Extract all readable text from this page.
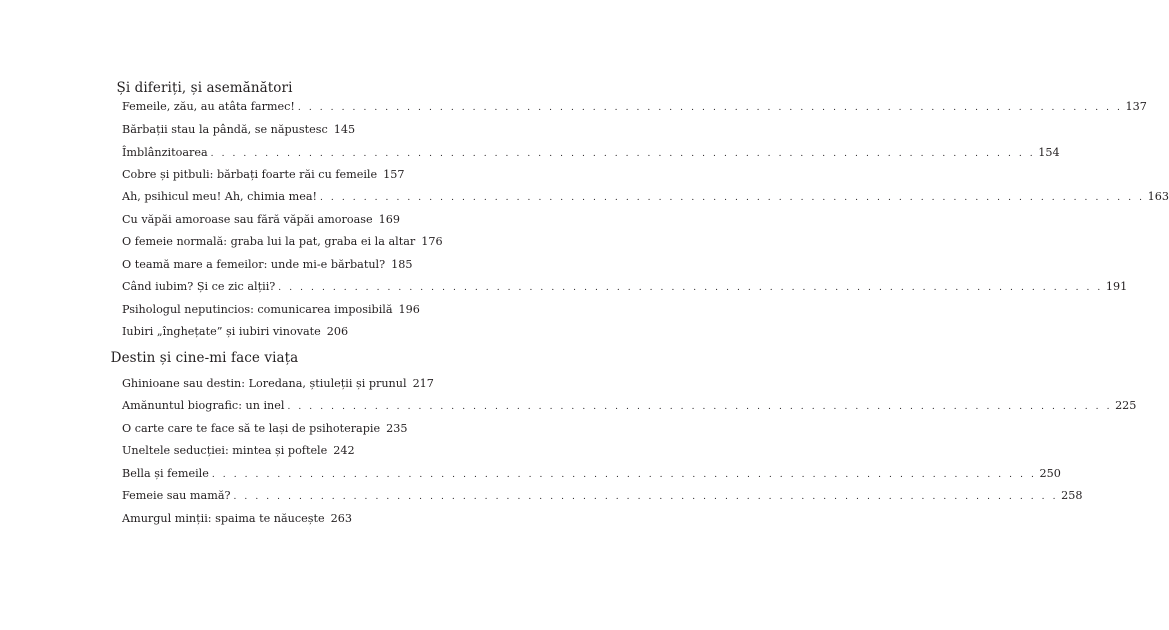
Și diferiți, și asemănători
Femeile, zău, au atâta farmec! . . .	137
Bărbații stau la pândă, se năpustesc 145
Îmblânzitoarea . . .	154
Cobre și pitbuli: bărbați foarte răi cu femeile 157
Ah, psihicul meu! Ah, chimia mea! . . .	163
Cu văpăi amoroase sau fără văpăi amoroase 169
O femeie normală: graba lui la pat, graba ei la altar 176
O teamă mare a femeilor: unde mi-e bărbatul? 185
Când iubim? Și ce zic alții? . . .	191
Psihologul neputincios: comunicarea imposibilă 196
Iubiri „înghețate” și iubiri vinovate 206
Destin și cine-mi face viața
Ghinioane sau destin: Loredana, știuleții și prunul 217
Amănuntul biografic: un inel . . .	225
O carte care te face să te lași de psihoterapie 235
Uneltele seducției: mintea și poftele 242
Bella și femeile . . .	250
Femeie sau mamă? . . .	258
Amurgul minții: spaima te năucește 263
